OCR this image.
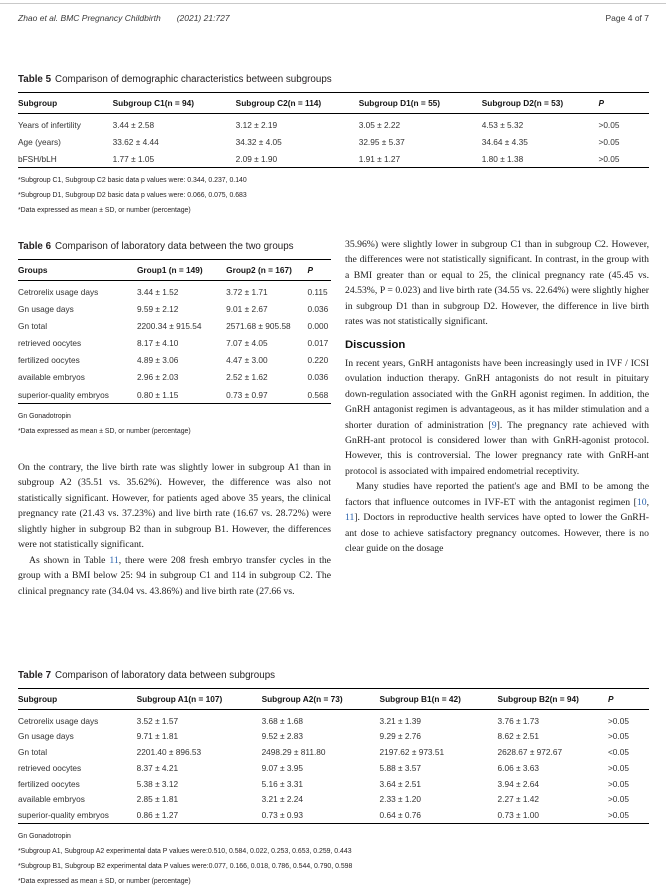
Zhao et al. BMC Pregnancy Childbirth (2021) 21:727	Page 4 of 7
Table 5 Comparison of demographic characteristics between subgroups
Subgroup	Subgroup C1(n = 94)	Subgroup C2(n = 114)	Subgroup D1(n = 55)	Subgroup D2(n = 53)	P
Years of infertility	3.44 ± 2.58	3.12 ± 2.19	3.05 ± 2.22	4.53 ± 5.32	>0.05
Age (years)	33.62 ± 4.44	34.32 ± 4.05	32.95 ± 5.37	34.64 ± 4.35	>0.05
bFSH/bLH	1.77 ± 1.05	2.09 ± 1.90	1.91 ± 1.27	1.80 ± 1.38	>0.05
*Subgroup C1, Subgroup C2 basic data p values were: 0.344, 0.237, 0.140
*Subgroup D1, Subgroup D2 basic data p values were: 0.066, 0.075, 0.683
*Data expressed as mean ± SD, or number (percentage)
Table 6 Comparison of laboratory data between the two groups
Groups	Group1 (n = 149)	Group2 (n = 167)	P
Cetrorelix usage days	3.44 ± 1.52	3.72 ± 1.71	0.115
Gn usage days	9.59 ± 2.12	9.01 ± 2.67	0.036
Gn total	2200.34 ± 915.54	2571.68 ± 905.58	0.000
retrieved oocytes	8.17 ± 4.10	7.07 ± 4.05	0.017
fertilized oocytes	4.89 ± 3.06	4.47 ± 3.00	0.220
available embryos	2.96 ± 2.03	2.52 ± 1.62	0.036
superior-quality embryos	0.80 ± 1.15	0.73 ± 0.97	0.568
Gn Gonadotropin
*Data expressed as mean ± SD, or number (percentage)

On the contrary, the live birth rate was slightly lower in subgroup A1 than in subgroup A2 (35.51 vs. 35.62%). However, the difference was also not statistically significant. However, for patients aged above 35 years, the clinical pregnancy rate (21.43 vs. 37.23%) and live birth rate (16.67 vs. 28.72%) were slightly higher in subgroup B2 than in subgroup B1. However, the differences were not statistically significant.

As shown in Table 11, there were 208 fresh embryo transfer cycles in the group with a BMI below 25: 94 in subgroup C1 and 114 in subgroup C2. The clinical pregnancy rate (34.04 vs. 43.86%) and live birth rate (27.66 vs.

35.96%) were slightly lower in subgroup C1 than in subgroup C2. However, the differences were not statistically significant. In contrast, in the group with a BMI greater than or equal to 25, the clinical pregnancy rate (45.45 vs. 24.53%, P = 0.023) and live birth rate (34.55 vs. 22.64%) were slightly higher in subgroup D1 than in subgroup D2. However, the difference in live birth rates was not statistically significant.

Discussion

In recent years, GnRH antagonists have been increasingly used in IVF / ICSI ovulation induction therapy. GnRH antagonists do not result in pituitary down-regulation associated with the GnRH agonist regimen. In addition, the GnRH antagonist regimen is advantageous, as it has milder stimulation and a shorter duration of administration [9]. The pregnancy rate achieved with GnRH-ant protocol is considered lower than with GnRH-agonist protocol. However, this is controversial. The lower pregnancy rate with GnRH-ant protocol is associated with impaired endometrial receptivity.

Many studies have reported the patient's age and BMI to be among the factors that influence outcomes in IVF-ET with the antagonist regimen [10, 11]. Doctors in reproductive health services have opted to lower the GnRH-ant dose to achieve satisfactory pregnancy outcomes. However, there is no clear guide on the dosage

Table 7 Comparison of laboratory data between subgroups
Subgroup	Subgroup A1(n = 107)	Subgroup A2(n = 73)	Subgroup B1(n = 42)	Subgroup B2(n = 94)	P
Cetrorelix usage days	3.52 ± 1.57	3.68 ± 1.68	3.21 ± 1.39	3.76 ± 1.73	>0.05
Gn usage days	9.71 ± 1.81	9.52 ± 2.83	9.29 ± 2.76	8.62 ± 2.51	>0.05
Gn total	2201.40 ± 896.53	2498.29 ± 811.80	2197.62 ± 973.51	2628.67 ± 972.67	<0.05
retrieved oocytes	8.37 ± 4.21	9.07 ± 3.95	5.88 ± 3.57	6.06 ± 3.63	>0.05
fertilized oocytes	5.38 ± 3.12	5.16 ± 3.31	3.64 ± 2.51	3.94 ± 2.64	>0.05
available embryos	2.85 ± 1.81	3.21 ± 2.24	2.33 ± 1.20	2.27 ± 1.42	>0.05
superior-quality embryos	0.86 ± 1.27	0.73 ± 0.93	0.64 ± 0.76	0.73 ± 1.00	>0.05
Gn Gonadotropin
*Subgroup A1, Subgroup A2 experimental data P values were:0.510, 0.584, 0.022, 0.253, 0.653, 0.259, 0.443
*Subgroup B1, Subgroup B2 experimental data P values were:0.077, 0.166, 0.018, 0.786, 0.544, 0.790, 0.598
*Data expressed as mean ± SD, or number (percentage)
